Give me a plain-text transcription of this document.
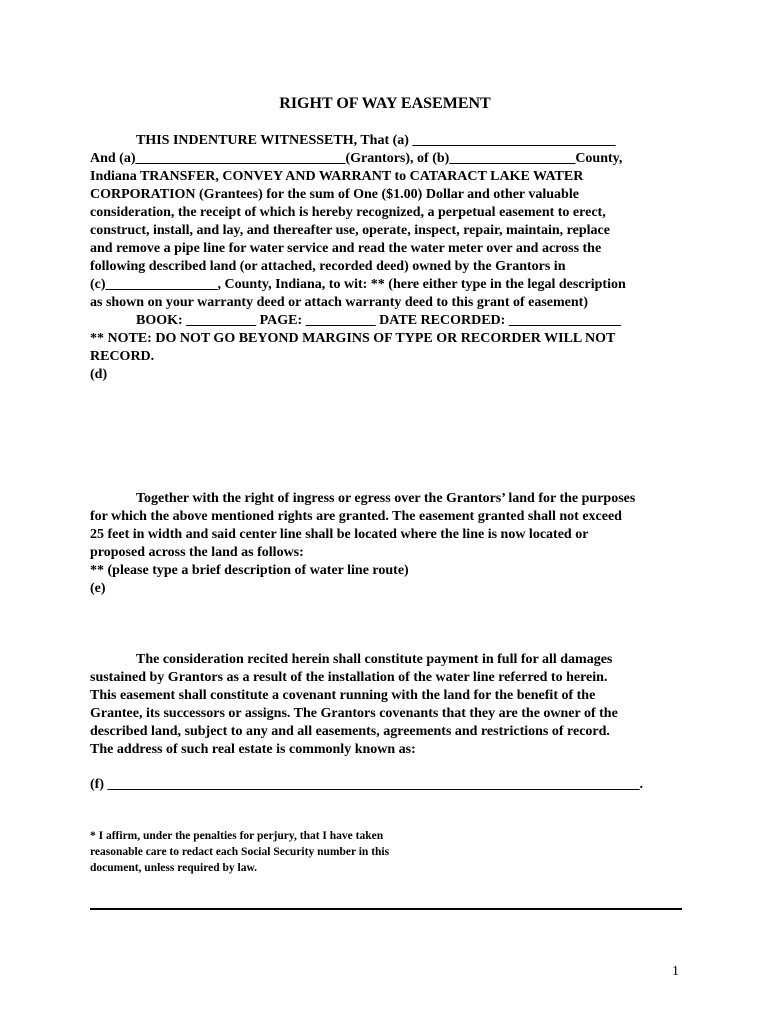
RIGHT OF WAY EASEMENT
THIS INDENTURE WITNESSETH, That (a) _____________________________
And (a)______________________________(Grantors), of (b)__________________County,
Indiana TRANSFER, CONVEY AND WARRANT to CATARACT LAKE WATER
CORPORATION (Grantees) for the sum of One ($1.00) Dollar and other valuable
consideration, the receipt of which is hereby recognized, a perpetual easement to erect,
construct, install, and lay, and thereafter use, operate, inspect, repair, maintain, replace
and remove a pipe line for water service and read the water meter over and across the
following described land (or attached, recorded deed) owned by the Grantors in
(c)________________, County, Indiana, to wit: ** (here either type in the legal description
as shown on your warranty deed or attach warranty deed to this grant of easement)
BOOK: __________ PAGE: __________ DATE RECORDED: ________________
** NOTE: DO NOT GO BEYOND MARGINS OF TYPE OR RECORDER WILL NOT
RECORD.
(d)
Together with the right of ingress or egress over the Grantors’ land for the purposes
for which the above mentioned rights are granted. The easement granted shall not exceed
25 feet in width and said center line shall be located where the line is now located or
proposed across the land as follows:
** (please type a brief description of water line route)
(e)
The consideration recited herein shall constitute payment in full for all damages
sustained by Grantors as a result of the installation of the water line referred to herein.
This easement shall constitute a covenant running with the land for the benefit of the
Grantee, its successors or assigns. The Grantors covenants that they are the owner of the
described land, subject to any and all easements, agreements and restrictions of record.
The address of such real estate is commonly known as:
(f) ____________________________________________________________________________.
* I affirm, under the penalties for perjury, that I have taken
reasonable care to redact each Social Security number in this
document, unless required by law.
1
